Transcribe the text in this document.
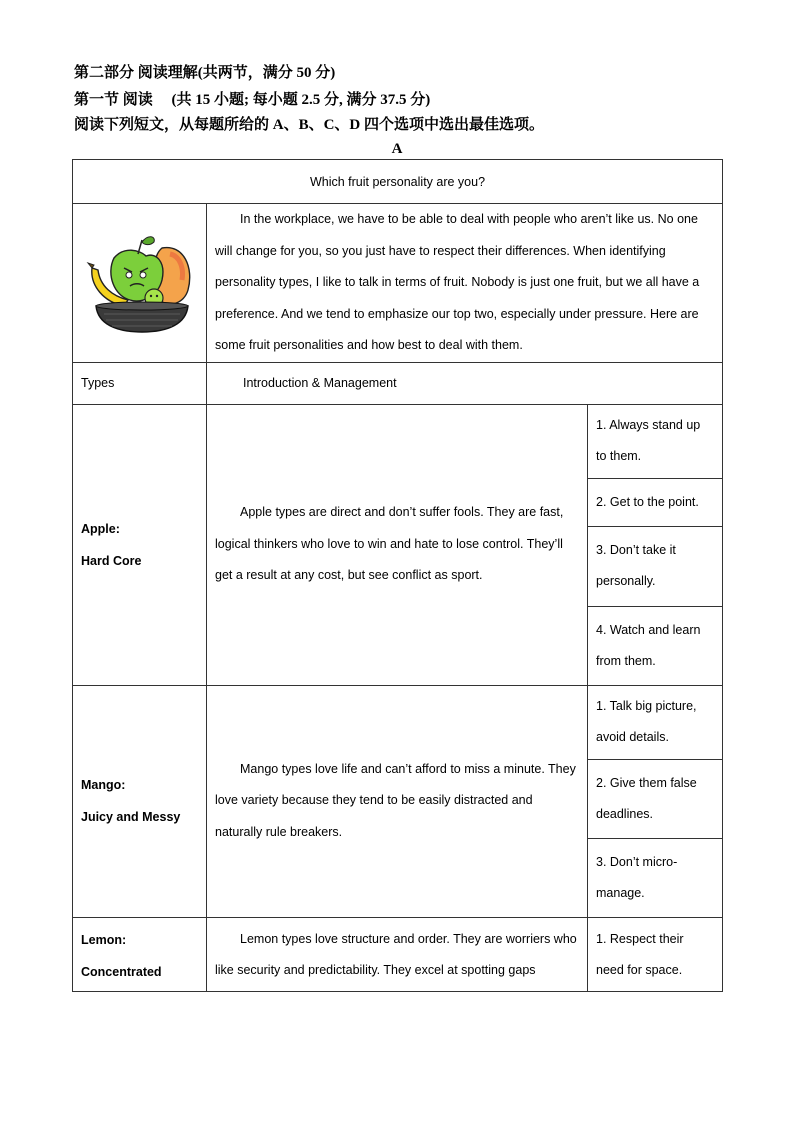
第二部分 阅读理解(共两节，满分 50 分)
第一节 阅读     (共 15 小题; 每小题 2.5 分, 满分 37.5 分)
阅读下列短文，从每题所给的 A、B、C、D 四个选项中选出最佳选项。
A
Which fruit personality are you?		
	In the workplace, we have to be able to deal with people who aren’t like us. No one will change for you, so you just have to respect their differences. When identifying personality types, I like to talk in terms of fruit. Nobody is just one fruit, but we all have a preference. And we tend to emphasize our top two, especially under pressure. Here are some fruit personalities and how best to deal with them.	
Types	Introduction & Management	

Apple:
Hard Core	Apple types are direct and don’t suffer fools. They are fast, logical thinkers who love to win and hate to lose control. They’ll get a result at any cost, but see conflict as sport.	1. Always stand up to them.
		2. Get to the point.
		3. Don’t take it personally.
		4. Watch and learn from them.

Mango:
Juicy and Messy	Mango types love life and can’t afford to miss a minute. They love variety because they tend to be easily distracted and naturally rule breakers.	1. Talk big picture, avoid details.
		2. Give them false deadlines.
		3. Don’t micro-manage.

Lemon:
Concentrated	Lemon types love structure and order. They are worriers who like security and predictability. They excel at spotting gaps	1. Respect their need for space.
